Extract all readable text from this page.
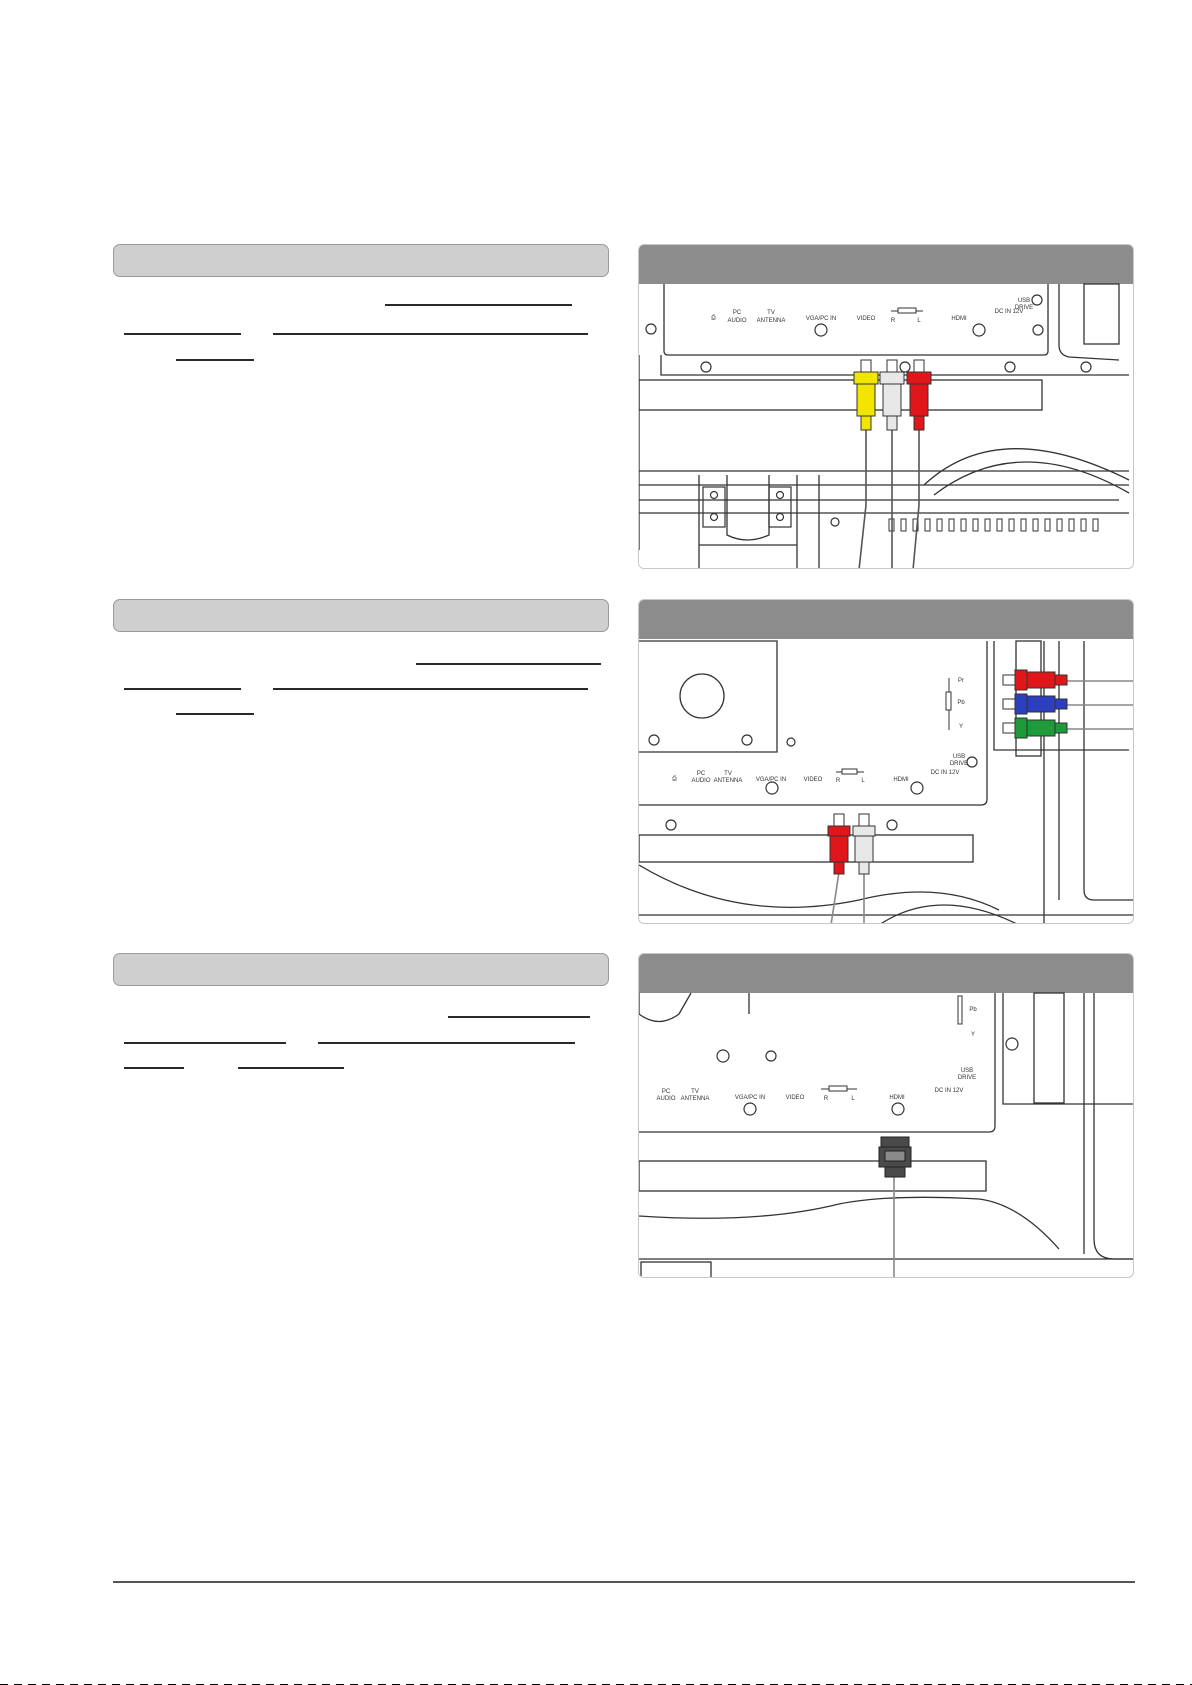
⎙
PC
AUDIO
TV
ANTENNA	VGA/PC IN	VIDEO	R	L	HDMI
DC IN 12V
USB
DRIVE
⎙
PC
AUDIO
TV
ANTENNA VGA/PC IN	VIDEO R	L	HDMI
DC IN 12V
USB
DRIVE
Pr
Pb
Y
PC
AUDIO
TV
ANTENNA	VGA/PC IN	VIDEO	R	L	HDMI
DC IN 12V
USB
DRIVE
Pb
Y
